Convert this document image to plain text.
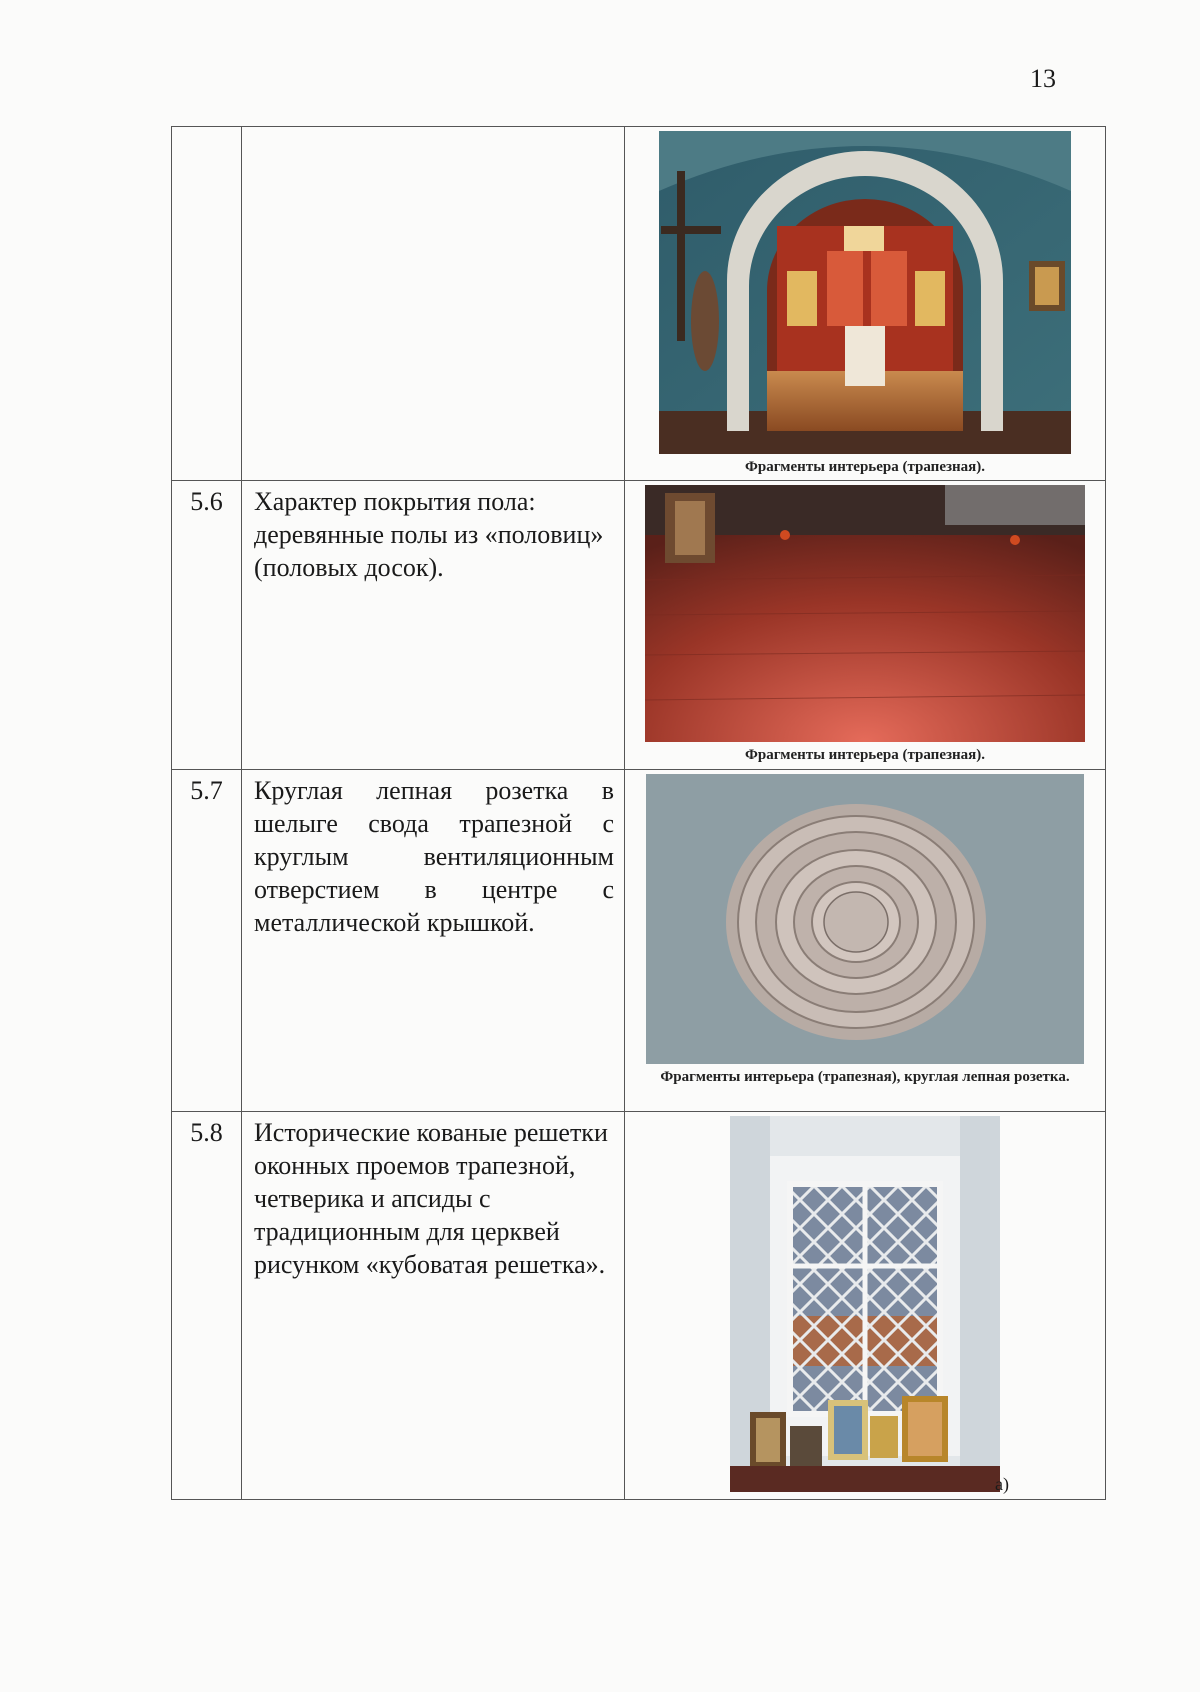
13

		Фрагменты интерьера (трапезная).

5.6	Характер покрытия пола: деревянные полы из «половиц» (половых досок).	Фрагменты интерьера (трапезная).

5.7	Круглая лепная розетка в шелыге свода трапезной с круглым вентиляционным отверстием в центре с металлической крышкой.	Фрагменты интерьера (трапезная), круглая лепная розетка.

5.8	Исторические кованые решетки оконных проемов трапезной, четверика и апсиды с традиционным для церквей рисунком «кубоватая решетка».	а)
